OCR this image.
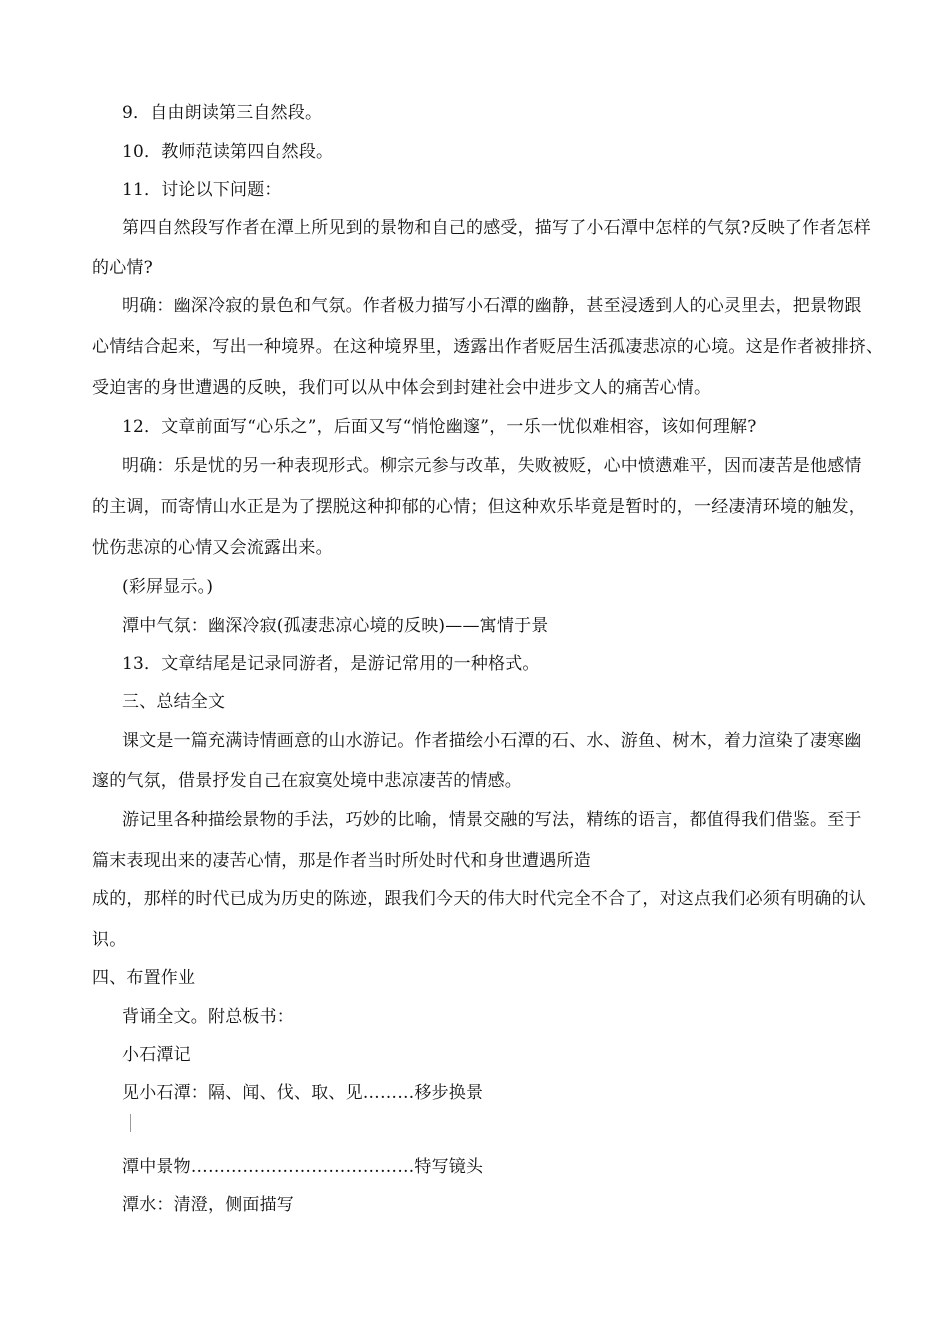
9．自由朗读第三自然段。
10．教师范读第四自然段。
11．讨论以下问题：
第四自然段写作者在潭上所见到的景物和自己的感受，描写了小石潭中怎样的气氛?反映了作者怎样
的心情?
明确：幽深冷寂的景色和气氛。作者极力描写小石潭的幽静，甚至浸透到人的心灵里去，把景物跟
心情结合起来，写出一种境界。在这种境界里，透露出作者贬居生活孤凄悲凉的心境。这是作者被排挤、
受迫害的身世遭遇的反映，我们可以从中体会到封建社会中进步文人的痛苦心情。
12．文章前面写“心乐之”，后面又写“悄怆幽邃”，一乐一忧似难相容，该如何理解?
明确：乐是忧的另一种表现形式。柳宗元参与改革，失败被贬，心中愤懑难平，因而凄苦是他感情
的主调，而寄情山水正是为了摆脱这种抑郁的心情；但这种欢乐毕竟是暂时的，一经凄清环境的触发，
忧伤悲凉的心情又会流露出来。
(彩屏显示。)
潭中气氛：幽深冷寂(孤凄悲凉心境的反映)——寓情于景
13．文章结尾是记录同游者，是游记常用的一种格式。
三、总结全文
课文是一篇充满诗情画意的山水游记。作者描绘小石潭的石、水、游鱼、树木，着力渲染了凄寒幽
邃的气氛，借景抒发自己在寂寞处境中悲凉凄苦的情感。
游记里各种描绘景物的手法，巧妙的比喻，情景交融的写法，精练的语言，都值得我们借鉴。至于
篇末表现出来的凄苦心情，那是作者当时所处时代和身世遭遇所造
成的，那样的时代已成为历史的陈迹，跟我们今天的伟大时代完全不合了，对这点我们必须有明确的认
识。
四、布置作业
背诵全文。附总板书：
小石潭记
见小石潭：隔、闻、伐、取、见………移步换景
潭中景物…………………………………特写镜头
潭水：清澄，侧面描写
